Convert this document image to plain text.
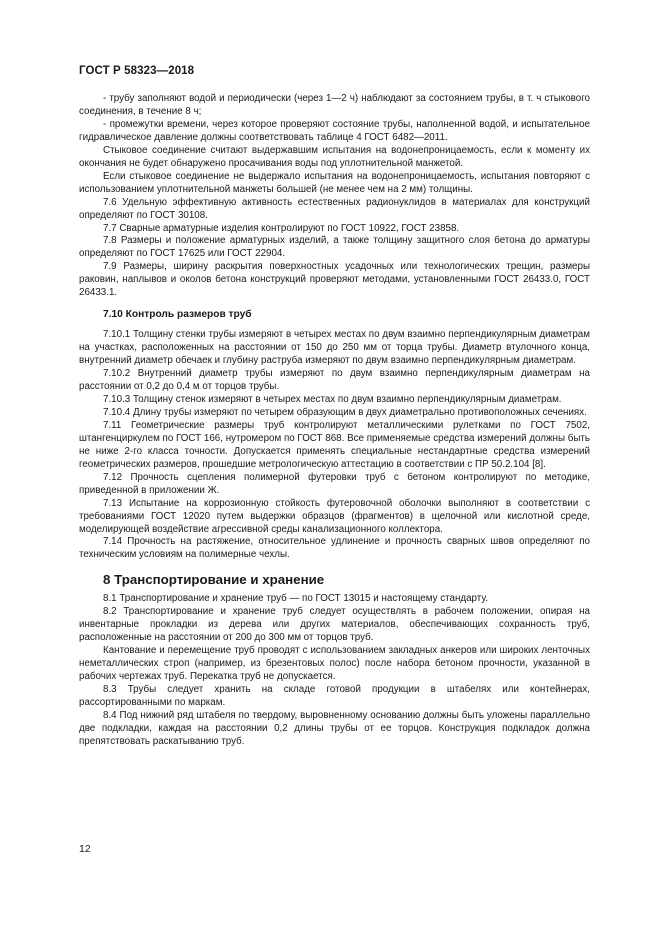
ГОСТ Р 58323—2018

- трубу заполняют водой и периодически (через 1—2 ч) наблюдают за состоянием трубы, в т. ч стыкового соединения, в течение 8 ч;

- промежутки времени, через которое проверяют состояние трубы, наполненной водой, и испытательное гидравлическое давление должны соответствовать таблице 4 ГОСТ 6482—2011.

Стыковое соединение считают выдержавшим испытания на водонепроницаемость, если к моменту их окончания не будет обнаружено просачивания воды под уплотнительной манжетой.

Если стыковое соединение не выдержало испытания на водонепроницаемость, испытания повторяют с использованием уплотнительной манжеты большей (не менее чем на 2 мм) толщины.

7.6 Удельную эффективную активность естественных радионуклидов в материалах для конструкций определяют по ГОСТ 30108.

7.7 Сварные арматурные изделия контролируют по ГОСТ 10922, ГОСТ 23858.

7.8 Размеры и положение арматурных изделий, а также толщину защитного слоя бетона до арматуры определяют по ГОСТ 17625 или ГОСТ 22904.

7.9 Размеры, ширину раскрытия поверхностных усадочных или технологических трещин, размеры раковин, наплывов и околов бетона конструкций проверяют методами, установленными ГОСТ 26433.0, ГОСТ 26433.1.

7.10 Контроль размеров труб

7.10.1 Толщину стенки трубы измеряют в четырех местах по двум взаимно перпендикулярным диаметрам на участках, расположенных на расстоянии от 150 до 250 мм от торца трубы. Диаметр втулочного конца, внутренний диаметр обечаек и глубину раструба измеряют по двум взаимно перпендикулярным диаметрам.

7.10.2 Внутренний диаметр трубы измеряют по двум взаимно перпендикулярным диаметрам на расстоянии от 0,2 до 0,4 м от торцов трубы.

7.10.3 Толщину стенок измеряют в четырех местах по двум взаимно перпендикулярным диаметрам.

7.10.4 Длину трубы измеряют по четырем образующим в двух диаметрально противоположных сечениях.

7.11 Геометрические размеры труб контролируют металлическими рулетками по ГОСТ 7502, штангенциркулем по ГОСТ 166, нутромером по ГОСТ 868. Все применяемые средства измерений должны быть не ниже 2-го класса точности. Допускается применять специальные нестандартные средства измерений геометрических размеров, прошедшие метрологическую аттестацию в соответствии с ПР 50.2.104 [8].

7.12 Прочность сцепления полимерной футеровки труб с бетоном контролируют по методике, приведенной в приложении Ж.

7.13 Испытание на коррозионную стойкость футеровочной оболочки выполняют в соответствии с требованиями ГОСТ 12020 путем выдержки образцов (фрагментов) в щелочной или кислотной среде, моделирующей воздействие агрессивной среды канализационного коллектора.

7.14 Прочность на растяжение, относительное удлинение и прочность сварных швов определяют по техническим условиям на полимерные чехлы.

8 Транспортирование и хранение

8.1 Транспортирование и хранение труб — по ГОСТ 13015 и настоящему стандарту.

8.2 Транспортирование и хранение труб следует осуществлять в рабочем положении, опирая на инвентарные прокладки из дерева или других материалов, обеспечивающих сохранность труб, расположенные на расстоянии от 200 до 300 мм от торцов труб.

Кантование и перемещение труб проводят с использованием закладных анкеров или широких ленточных неметаллических строп (например, из брезентовых полос) после набора бетоном прочности, указанной в рабочих чертежах труб. Перекатка труб не допускается.

8.3 Трубы следует хранить на складе готовой продукции в штабелях или контейнерах, рассортированными по маркам.

8.4 Под нижний ряд штабеля по твердому, выровненному основанию должны быть уложены параллельно две подкладки, каждая на расстоянии 0,2 длины трубы от ее торцов. Конструкция подкладок должна препятствовать раскатыванию труб.

12
